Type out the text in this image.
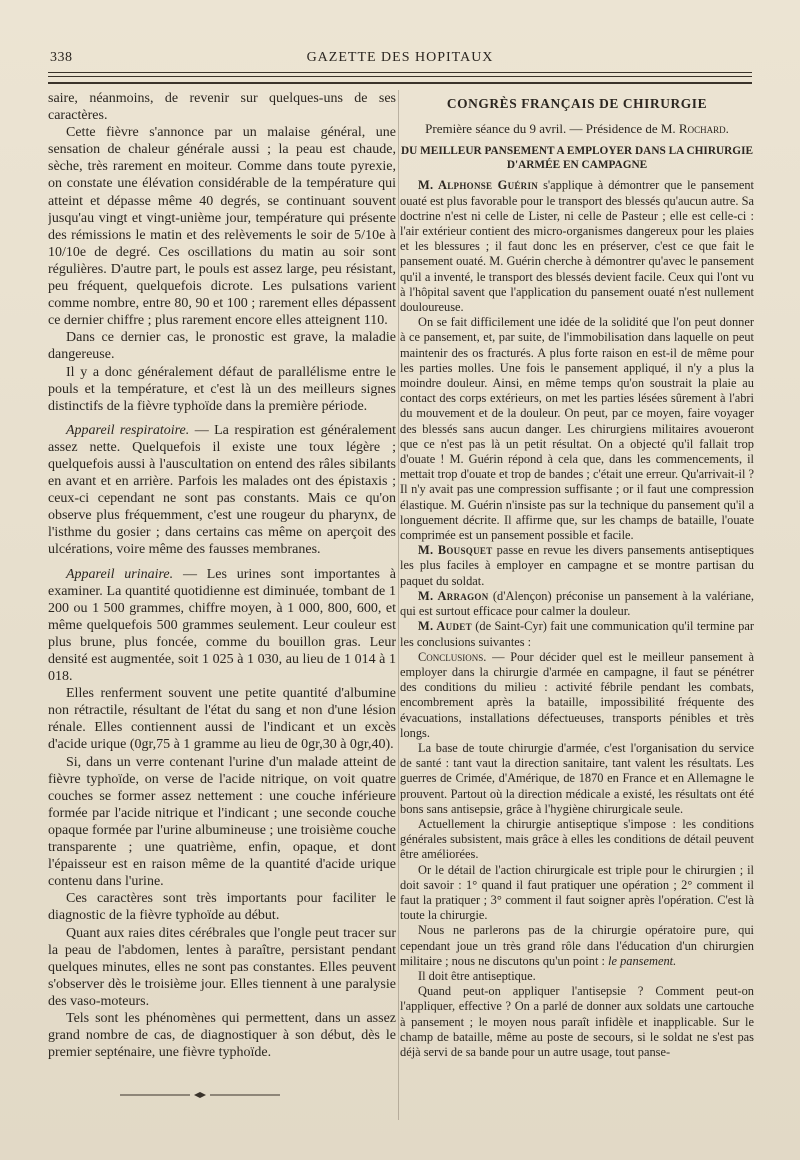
338	GAZETTE DES HOPITAUX

saire, néanmoins, de revenir sur quelques-uns de ses caractères.

Cette fièvre s'annonce par un malaise général, une sensation de chaleur générale aussi ; la peau est chaude, sèche, très rarement en moiteur. Comme dans toute pyrexie, on constate une élévation considérable de la température qui atteint et dépasse même 40 degrés, se continuant souvent jusqu'au vingt et vingt-unième jour, température qui présente des rémissions le matin et des relèvements le soir de 5/10e à 10/10e de degré. Ces oscillations du matin au soir sont régulières. D'autre part, le pouls est assez large, peu résistant, peu fréquent, quelquefois dicrote. Les pulsations varient comme nombre, entre 80, 90 et 100 ; rarement elles dépassent ce dernier chiffre ; plus rarement encore elles atteignent 110.

Dans ce dernier cas, le pronostic est grave, la maladie dangereuse.

Il y a donc généralement défaut de parallélisme entre le pouls et la température, et c'est là un des meilleurs signes distinctifs de la fièvre typhoïde dans la première période.

Appareil respiratoire. — La respiration est généralement assez nette. Quelquefois il existe une toux légère ; quelquefois aussi à l'auscultation on entend des râles sibilants en avant et en arrière. Parfois les malades ont des épistaxis ; ceux-ci cependant ne sont pas constants. Mais ce qu'on observe plus fréquemment, c'est une rougeur du pharynx, de l'isthme du gosier ; dans certains cas même on aperçoit des ulcérations, voire même des fausses membranes.

Appareil urinaire. — Les urines sont importantes à examiner. La quantité quotidienne est diminuée, tombant de 1 200 ou 1 500 grammes, chiffre moyen, à 1 000, 800, 600, et même quelquefois 500 grammes seulement. Leur couleur est plus brune, plus foncée, comme du bouillon gras. Leur densité est augmentée, soit 1 025 à 1 030, au lieu de 1 014 à 1 018.

Elles renferment souvent une petite quantité d'albumine non rétractile, résultant de l'état du sang et non d'une lésion rénale. Elles contiennent aussi de l'indicant et un excès d'acide urique (0gr,75 à 1 gramme au lieu de 0gr,30 à 0gr,40).

Si, dans un verre contenant l'urine d'un malade atteint de fièvre typhoïde, on verse de l'acide nitrique, on voit quatre couches se former assez nettement : une couche inférieure formée par l'acide nitrique et l'indicant ; une seconde couche opaque formée par l'urine albumineuse ; une troisième couche transparente ; une quatrième, enfin, opaque, et dont l'épaisseur est en raison même de la quantité d'acide urique contenu dans l'urine.

Ces caractères sont très importants pour faciliter le diagnostic de la fièvre typhoïde au début.

Quant aux raies dites cérébrales que l'ongle peut tracer sur la peau de l'abdomen, lentes à paraître, persistant pendant quelques minutes, elles ne sont pas constantes. Elles peuvent s'observer dès le troisième jour. Elles tiennent à une paralysie des vaso-moteurs.

Tels sont les phénomènes qui permettent, dans un assez grand nombre de cas, de diagnostiquer à son début, dès le premier septénaire, une fièvre typhoïde.

CONGRÈS FRANÇAIS DE CHIRURGIE
Première séance du 9 avril. — Présidence de M. Rochard.
DU MEILLEUR PANSEMENT A EMPLOYER DANS LA CHIRURGIE D'ARMÉE EN CAMPAGNE

M. Alphonse Guérin s'applique à démontrer que le pansement ouaté est plus favorable pour le transport des blessés qu'aucun autre. Sa doctrine n'est ni celle de Lister, ni celle de Pasteur ; elle est celle-ci : l'air extérieur contient des micro-organismes dangereux pour les plaies et les blessures ; il faut donc les en préserver, c'est ce que fait le pansement ouaté. M. Guérin cherche à démontrer qu'avec le pansement qu'il a inventé, le transport des blessés devient facile. Ceux qui l'ont vu à l'hôpital savent que l'application du pansement ouaté n'est nullement douloureuse.

On se fait difficilement une idée de la solidité que l'on peut donner à ce pansement, et, par suite, de l'immobilisation dans laquelle on peut maintenir des os fracturés. A plus forte raison en est-il de même pour les parties molles. Une fois le pansement appliqué, il n'y a plus la moindre douleur. Ainsi, en même temps qu'on soustrait la plaie au contact des corps extérieurs, on met les parties lésées sûrement à l'abri du mouvement et de la douleur. On peut, par ce moyen, faire voyager des blessés sans aucun danger. Les chirurgiens militaires avoueront que ce n'est pas là un petit résultat. On a objecté qu'il fallait trop d'ouate ! M. Guérin répond à cela que, dans les commencements, il mettait trop d'ouate et trop de bandes ; c'était une erreur. Qu'arrivait-il ? Il n'y avait pas une compression suffisante ; or il faut une compression élastique. M. Guérin n'insiste pas sur la technique du pansement qu'il a longuement décrite. Il affirme que, sur les champs de bataille, l'ouate comprimée est un pansement possible et facile.

M. Bousquet passe en revue les divers pansements antiseptiques les plus faciles à employer en campagne et se montre partisan du paquet du soldat.

M. Arragon (d'Alençon) préconise un pansement à la valériane, qui est surtout efficace pour calmer la douleur.

M. Audet (de Saint-Cyr) fait une communication qu'il termine par les conclusions suivantes :

Conclusions. — Pour décider quel est le meilleur pansement à employer dans la chirurgie d'armée en campagne, il faut se pénétrer des conditions du milieu : activité fébrile pendant les combats, encombrement après la bataille, impossibilité fréquente des évacuations, installations défectueuses, transports pénibles et très longs.

La base de toute chirurgie d'armée, c'est l'organisation du service de santé : tant vaut la direction sanitaire, tant valent les résultats. Les guerres de Crimée, d'Amérique, de 1870 en France et en Allemagne le prouvent. Partout où la direction médicale a existé, les résultats ont été bons sans antisepsie, grâce à l'hygiène chirurgicale seule.

Actuellement la chirurgie antiseptique s'impose : les conditions générales subsistent, mais grâce à elles les conditions de détail peuvent être améliorées.

Or le détail de l'action chirurgicale est triple pour le chirurgien ; il doit savoir : 1° quand il faut pratiquer une opération ; 2° comment il faut la pratiquer ; 3° comment il faut soigner après l'opération. C'est là toute la chirurgie.

Nous ne parlerons pas de la chirurgie opératoire pure, qui cependant joue un très grand rôle dans l'éducation d'un chirurgien militaire ; nous ne discutons qu'un point : le pansement.

Il doit être antiseptique.

Quand peut-on appliquer l'antisepsie ? Comment peut-on l'appliquer, effective ? On a parlé de donner aux soldats une cartouche à pansement ; le moyen nous paraît infidèle et inapplicable. Sur le champ de bataille, même au poste de secours, si le soldat ne s'est pas déjà servi de sa bande pour un autre usage, tout panse-
